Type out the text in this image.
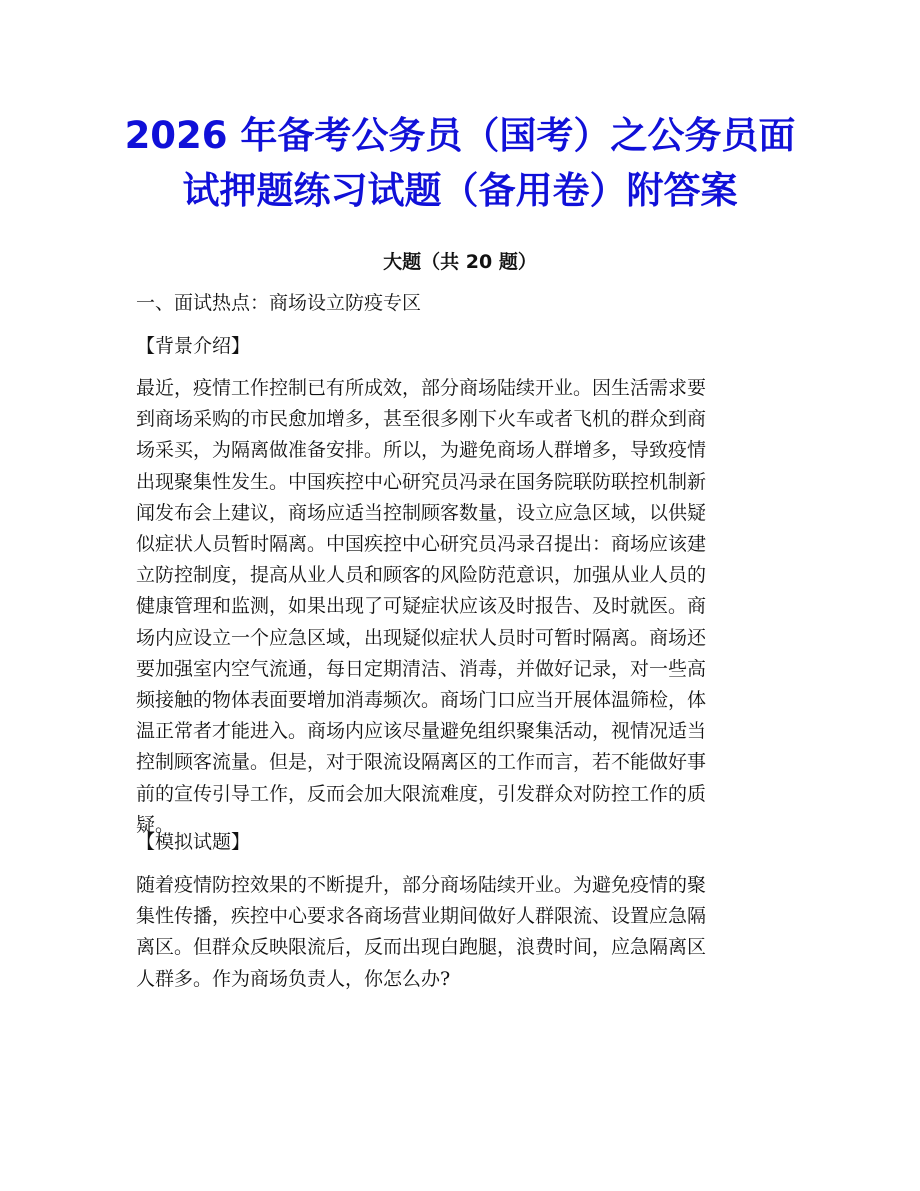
2026 年备考公务员（国考）之公务员面
试押题练习试题（备用卷）附答案
大题（共 20 题）

一、面试热点：商场设立防疫专区

【背景介绍】

最近，疫情工作控制已有所成效，部分商场陆续开业。因生活需求要
到商场采购的市民愈加增多，甚至很多刚下火车或者飞机的群众到商
场采买，为隔离做准备安排。所以，为避免商场人群增多，导致疫情
出现聚集性发生。中国疾控中心研究员冯录在国务院联防联控机制新
闻发布会上建议，商场应适当控制顾客数量，设立应急区域，以供疑
似症状人员暂时隔离。中国疾控中心研究员冯录召提出：商场应该建
立防控制度，提高从业人员和顾客的风险防范意识，加强从业人员的
健康管理和监测，如果出现了可疑症状应该及时报告、及时就医。商
场内应设立一个应急区域，出现疑似症状人员时可暂时隔离。商场还
要加强室内空气流通，每日定期清洁、消毒，并做好记录，对一些高
频接触的物体表面要增加消毒频次。商场门口应当开展体温筛检，体
温正常者才能进入。商场内应该尽量避免组织聚集活动，视情况适当
控制顾客流量。但是，对于限流设隔离区的工作而言，若不能做好事
前的宣传引导工作，反而会加大限流难度，引发群众对防控工作的质
疑。

【模拟试题】

随着疫情防控效果的不断提升，部分商场陆续开业。为避免疫情的聚
集性传播，疾控中心要求各商场营业期间做好人群限流、设置应急隔
离区。但群众反映限流后，反而出现白跑腿，浪费时间，应急隔离区
人群多。作为商场负责人，你怎么办?
